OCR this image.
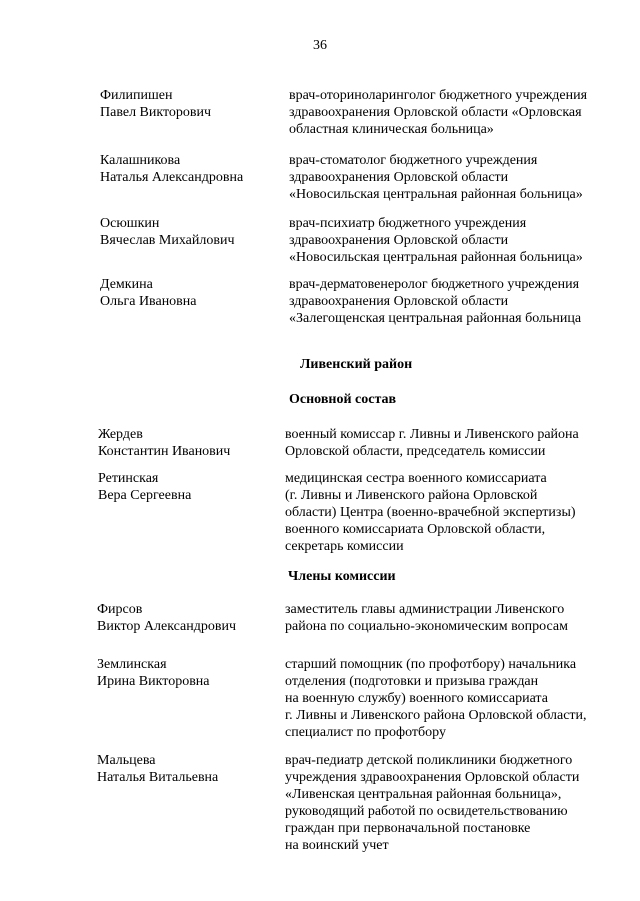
36
Филипишен
Павел Викторович
врач-оториноларинголог бюджетного учреждения
здравоохранения Орловской области «Орловская
областная клиническая больница»
Калашникова
Наталья Александровна
врач-стоматолог бюджетного учреждения
здравоохранения Орловской области
«Новосильская центральная районная больница»
Осюшкин
Вячеслав Михайлович
врач-психиатр бюджетного учреждения
здравоохранения Орловской области
«Новосильская центральная районная больница»
Демкина
Ольга Ивановна
врач-дерматовенеролог бюджетного учреждения
здравоохранения Орловской области
«Залегощенская центральная районная больница
Ливенский район
Основной состав
Жердев
Константин Иванович
военный комиссар г. Ливны и Ливенского района
Орловской области, председатель комиссии
Ретинская
Вера Сергеевна
медицинская сестра военного комиссариата
(г. Ливны и Ливенского района Орловской
области) Центра (военно-врачебной экспертизы)
военного комиссариата Орловской области,
секретарь комиссии
Члены комиссии
Фирсов
Виктор Александрович
заместитель главы администрации Ливенского
района по социально-экономическим вопросам
Землинская
Ирина Викторовна
старший помощник (по профотбору) начальника
отделения (подготовки и призыва граждан
на военную службу) военного комиссариата
г. Ливны и Ливенского района Орловской области,
специалист по профотбору
Мальцева
Наталья Витальевна
врач-педиатр детской поликлиники бюджетного
учреждения здравоохранения Орловской области
«Ливенская центральная районная больница»,
руководящий работой по освидетельствованию
граждан при первоначальной постановке
на воинский учет
